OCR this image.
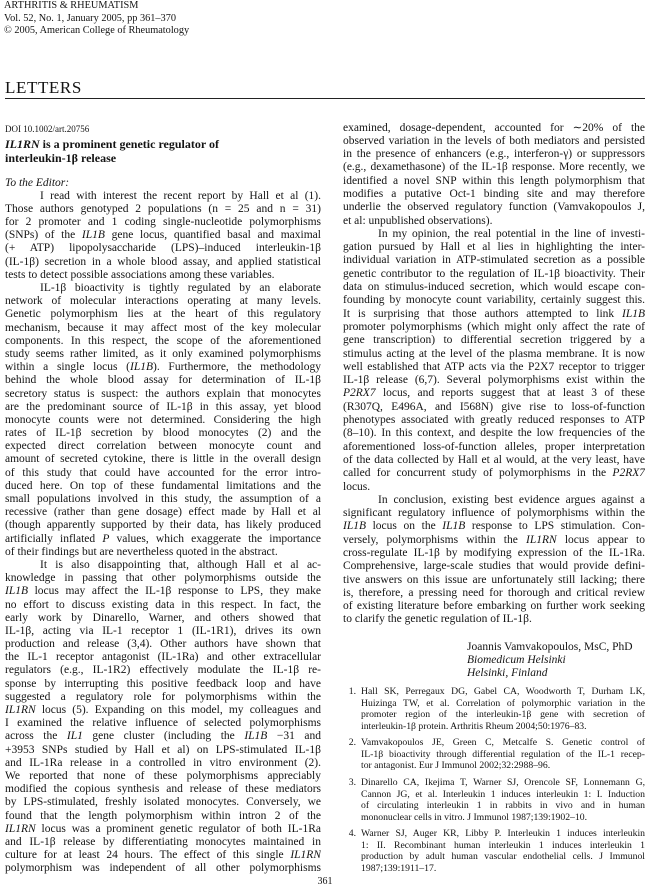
ARTHRITIS & RHEUMATISM
Vol. 52, No. 1, January 2005, pp 361–370
© 2005, American College of Rheumatology
LETTERS
DOI 10.1002/art.20756
IL1RN is a prominent genetic regulator of
interleukin-1β release
To the Editor:
I read with interest the recent report by Hall et al (1).
Those authors genotyped 2 populations (n = 25 and n = 31)
for 2 promoter and 1 coding single-nucleotide polymorphisms
(SNPs) of the IL1B gene locus, quantified basal and maximal
(+ ATP) lipopolysaccharide (LPS)–induced interleukin-1β
(IL-1β) secretion in a whole blood assay, and applied statistical
tests to detect possible associations among these variables.
IL-1β bioactivity is tightly regulated by an elaborate
network of molecular interactions operating at many levels.
Genetic polymorphism lies at the heart of this regulatory
mechanism, because it may affect most of the key molecular
components. In this respect, the scope of the aforementioned
study seems rather limited, as it only examined polymorphisms
within a single locus (IL1B). Furthermore, the methodology
behind the whole blood assay for determination of IL-1β
secretory status is suspect: the authors explain that monocytes
are the predominant source of IL-1β in this assay, yet blood
monocyte counts were not determined. Considering the high
rates of IL-1β secretion by blood monocytes (2) and the
expected direct correlation between monocyte count and
amount of secreted cytokine, there is little in the overall design
of this study that could have accounted for the error intro-
duced here. On top of these fundamental limitations and the
small populations involved in this study, the assumption of a
recessive (rather than gene dosage) effect made by Hall et al
(though apparently supported by their data, has likely produced
artificially inflated P values, which exaggerate the importance
of their findings but are nevertheless quoted in the abstract.
It is also disappointing that, although Hall et al ac-
knowledge in passing that other polymorphisms outside the
IL1B locus may affect the IL-1β response to LPS, they make
no effort to discuss existing data in this respect. In fact, the
early work by Dinarello, Warner, and others showed that
IL-1β, acting via IL-1 receptor 1 (IL-1R1), drives its own
production and release (3,4). Other authors have shown that
the IL-1 receptor antagonist (IL-1Ra) and other extracellular
regulators (e.g., IL-1R2) effectively modulate the IL-1β re-
sponse by interrupting this positive feedback loop and have
suggested a regulatory role for polymorphisms within the
IL1RN locus (5). Expanding on this model, my colleagues and
I examined the relative influence of selected polymorphisms
across the IL1 gene cluster (including the IL1B −31 and
+3953 SNPs studied by Hall et al) on LPS-stimulated IL-1β
and IL-1Ra release in a controlled in vitro environment (2).
We reported that none of these polymorphisms appreciably
modified the copious synthesis and release of these mediators
by LPS-stimulated, freshly isolated monocytes. Conversely, we
found that the length polymorphism within intron 2 of the
IL1RN locus was a prominent genetic regulator of both IL-1Ra
and IL-1β release by differentiating monocytes maintained in
culture for at least 24 hours. The effect of this single IL1RN
polymorphism was independent of all other polymorphisms
examined, dosage-dependent, accounted for ∼20% of the
observed variation in the levels of both mediators and persisted
in the presence of enhancers (e.g., interferon-γ) or suppressors
(e.g., dexamethasone) of the IL-1β response. More recently, we
identified a novel SNP within this length polymorphism that
modifies a putative Oct-1 binding site and may therefore
underlie the observed regulatory function (Vamvakopoulos J,
et al: unpublished observations).
In my opinion, the real potential in the line of investi-
gation pursued by Hall et al lies in highlighting the inter-
individual variation in ATP-stimulated secretion as a possible
genetic contributor to the regulation of IL-1β bioactivity. Their
data on stimulus-induced secretion, which would escape con-
founding by monocyte count variability, certainly suggest this.
It is surprising that those authors attempted to link IL1B
promoter polymorphisms (which might only affect the rate of
gene transcription) to differential secretion triggered by a
stimulus acting at the level of the plasma membrane. It is now
well established that ATP acts via the P2X7 receptor to trigger
IL-1β release (6,7). Several polymorphisms exist within the
P2RX7 locus, and reports suggest that at least 3 of these
(R307Q, E496A, and I568N) give rise to loss-of-function
phenotypes associated with greatly reduced responses to ATP
(8–10). In this context, and despite the low frequencies of the
aforementioned loss-of-function alleles, proper interpretation
of the data collected by Hall et al would, at the very least, have
called for concurrent study of polymorphisms in the P2RX7
locus.
In conclusion, existing best evidence argues against a
significant regulatory influence of polymorphisms within the
IL1B locus on the IL1B response to LPS stimulation. Con-
versely, polymorphisms within the IL1RN locus appear to
cross-regulate IL-1β by modifying expression of the IL-1Ra.
Comprehensive, large-scale studies that would provide defini-
tive answers on this issue are unfortunately still lacking; there
is, therefore, a pressing need for thorough and critical review
of existing literature before embarking on further work seeking
to clarify the genetic regulation of IL-1β.
Joannis Vamvakopoulos, MsC, PhD
Biomedicum Helsinki
Helsinki, Finland
1. Hall SK, Perregaux DG, Gabel CA, Woodworth T, Durham LK,
Huizinga TW, et al. Correlation of polymorphic variation in the
promoter region of the interleukin-1β gene with secretion of
interleukin-1β protein. Arthritis Rheum 2004;50:1976–83.
2. Vamvakopoulos JE, Green C, Metcalfe S. Genetic control of
IL-1β bioactivity through differential regulation of the IL-1 recep-
tor antagonist. Eur J Immunol 2002;32:2988–96.
3. Dinarello CA, Ikejima T, Warner SJ, Orencole SF, Lonnemann G,
Cannon JG, et al. Interleukin 1 induces interleukin 1: I. Induction
of circulating interleukin 1 in rabbits in vivo and in human
mononuclear cells in vitro. J Immunol 1987;139:1902–10.
4. Warner SJ, Auger KR, Libby P. Interleukin 1 induces interleukin
1: II. Recombinant human interleukin 1 induces interleukin 1
production by adult human vascular endothelial cells. J Immunol
1987;139:1911–17.
361
